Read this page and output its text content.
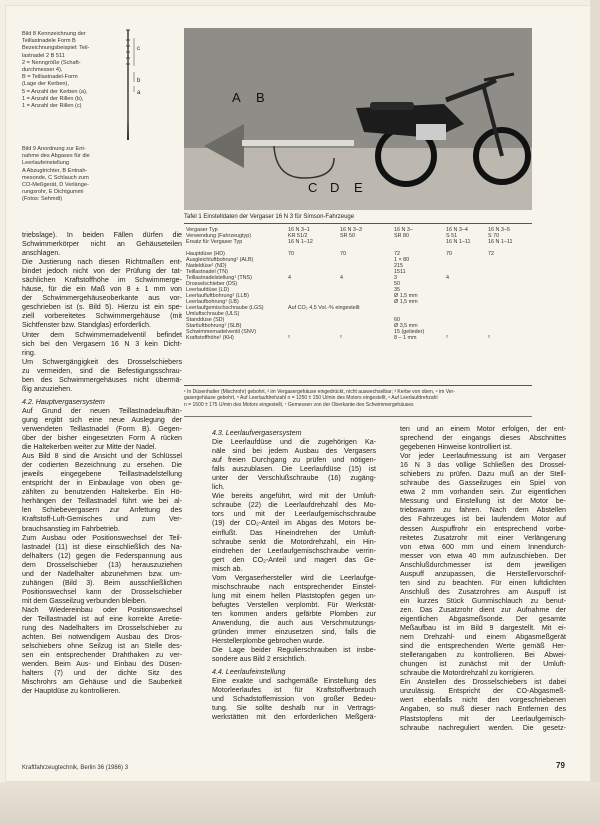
Bild 8 Kennzeichnung der
Teillastnadele Form B
Bezeichnungsbeispiel: Teil-
lastnadel 2 B 511
2 = Nenngröße (Schaft-
durchmesser 4),
B = Teillastnadel-Form
(Lage der Kerben),
5 = Anzahl der Kerben (a),
1 = Anzahl der Rillen (b),
1 = Anzahl der Rillen (c)
Bild 9 Anordnung zur Ent-
nahme des Abgases für die
Leerlaufeinstellung
A Abzugtrichter, B Entnah-
mesonde, C Schlauch zum
CO-Meßgerät, D Verlänge-
rungsrohr, E Dichtgummi
(Fotos: Sehmdt)
c
b
a	A B
C D E
Tafel 1 Einstelldaten der Vergaser 16 N 3 für Simson-Fahrzeuge
Vergaser Typ
Verwendung (Fahrzeugtyp)
Ersatz für Vergaser Typ
Hauptdüse (HD)
Ausgleichluftbohrung¹ (ALB)
Nadeldüse¹ (ND)
Teillastnadel (TN)
Teillastnadelstellung¹ (TNS)
Drosselschieber (DS)
Leerlaufdüse (LD)
Leerlaufluftbohrung¹ (LLB)
Leerlaufbohrung¹ (LB)
Leerlaufgemischschraube (LGS)
Umluftschraube (ULS)
Standdüse (SD)
Startluftbohrung¹ (SLB)
Schwimmernadelventil (SNV)
Kraftstoffhöhe¹ (KH)
16 N 3–1
KR 51/2
16 N 1–12
70
4
Auf CO₂ 4,5 Vol.-% eingestellt
²
16 N 3–3
SR 50
70
4
²
16 N 3–
SR 80
72
1 × 80
215
1511
3
50
35
Ø 1,5 mm
Ø 1,5 mm
60
Ø 3,5 mm
15 (gelieder)
8 – 1 mm
16 N 3–4
S 51
16 N 1–11
70
4
²
16 N 3–5
S 70
16 N 1–11
72
²
¹ In Düsenhalter (Mischrohr) gebohrt, ² im Vergasergehäuse eingedrückt, nicht auswechselbar; ³ Kerbe von oben, ⁴ im Ver-
gasergehäuse gebohrt, ⁵ Auf Leerlaufdrehzahl n = 1250 ± 150 U/min des Motors eingestellt, ⁶ Auf Leerlaufdrehzahl
n = 1500 ± 175 U/min des Motors eingestellt, ⁷ Gemessen von der Oberkante des Schwimmergehäuses
triebslage). In beiden Fällen dürfen die
Schwimmerkörper nicht an Gehäuseteilen
anschlagen.
Die Justierung nach diesen Richtmaßen ent-
bindet jedoch nicht von der Prüfung der tat-
sächlichen Kraftstoffhöhe im Schwimmerge-
häuse, für die ein Maß von 8 ± 1 mm von
der Schwimmergehäuseoberkante aus vor-
geschrieben ist (s. Bild 5). Hierzu ist ein spe-
ziell vorbereitetes Schwimmergehäuse (mit
Sichtfenster bzw. Standglas) erforderlich.
Unter dem Schwimmernadelventil befindet
sich bei den Vergasern 16 N 3 kein Dicht-
ring.
Um Schwergängigkeit des Drosselschiebers
zu vermeiden, sind die Befestigungsschrau-
ben des Schwimmergehäuses nicht übermä-
ßig anzuziehen.
4.2. Hauptvergasersystem
Auf Grund der neuen Teillastnadelaufhän-
gung ergibt sich eine neue Auslegung der
verwendeten Teillastnadel (Form B). Gegen-
über der bisher eingesetzten Form A rücken
die Haltekerben weiter zur Mitte der Nadel.
Aus Bild 8 sind die Ansicht und der Schlüssel
der codierten Bezeichnung zu ersehen. Die
jeweils eingegebene Teillastnadelstellung
entspricht der in Einbaulage von oben ge-
zählten zu benutzenden Haltekerbe. Ein Hö-
herhängen der Teillastnadel führt wie bei al-
len Schiebevergasern zur Anfettung des
Kraftstoff-Luft-Gemisches und zum Ver-
brauchsanstieg im Fahrbetrieb.
Zum Ausbau oder Positionswechsel der Teil-
lastnadel (11) ist diese einschließlich des Na-
delhalters (12) gegen die Federspannung aus
dem Drosselschieber (13) herauszuziehen
und der Nadelhalter abzunehmen bzw. um-
zuhängen (Bild 3). Beim ausschließlichen
Positionswechsel kann der Drosselschieber
mit dem Gasseilzug verbunden bleiben.
Nach Wiedereinbau oder Positionswechsel
der Teillastnadel ist auf eine korrekte Arretie-
rung des Nadelhalters im Drosselschieber zu
achten. Bei notwendigem Ausbau des Dros-
selschiebers ohne Seilzug ist an Stelle des-
sen ein entsprechender Drahthaken zu ver-
wenden. Beim Aus- und Einbau des Düsen-
halters (7) und der dichte Sitz des
Mischrohrs am Gehäuse und die Sauberkeit
der Hauptdüse zu kontrollieren.
4.3. Leerlaufvergasersystem
Die Leerlaufdüse und die zugehörigen Ka-
näle sind bei jedem Ausbau des Vergasers
auf freien Durchgang zu prüfen und nötigen-
falls auszublasen. Die Leerlaufdüse (15) ist
unter der Verschlußschraube (16) zugäng-
lich.
Wie bereits angeführt, wird mit der Umluft-
schraube (22) die Leerlaufdrehzahl des Mo-
tors und mit der Leerlaufgemischschraube
(19) der CO₂-Anteil im Abgas des Motors be-
einflußt. Das Hineindrehen der Umluft-
schraube senkt die Motordrehzahl, ein Hin-
eindrehen der Leerlaufgemischschraube verrin-
gert den CO₂-Anteil und magert das Ge-
misch ab.
Vom Vergaserhersteller wird die Leerlaufge-
mischschraube nach entsprechender Einstel-
lung mit einem hellen Plaststopfen gegen un-
befugtes Verstellen verplombt. Für Werkstät-
ten kommen anders gefärbte Plomben zur
Anwendung, die auch aus Verschmutzungs-
gründen immer einzusetzen sind, falls die
Herstellerplombe gebrochen wurde.
Die Lage beider Regulierschrauben ist insbe-
sondere aus Bild 2 ersichtlich.
4.4. Leerlaufeinstellung
Eine exakte und sachgemäße Einstellung des
Motorleerlaufes ist für Kraftstoffverbrauch
und Schadstoffemission von großer Bedeu-
tung. Sie sollte deshalb nur in Vertrags-
werkstätten mit den erforderlichen Meßgerä-
ten und an einem Motor erfolgen, der ent-
sprechend der eingangs dieses Abschnittes
gegebenen Hinweise kontrolliert ist.
Vor jeder Leerlaufmessung ist am Vergaser
16 N 3 das völlige Schließen des Drossel-
schiebers zu prüfen. Dazu muß an der Stell-
schraube des Gasseilzuges ein Spiel von
etwa 2 mm vorhanden sein. Zur eigentlichen
Messung und Einstellung ist der Motor be-
triebswarm zu fahren. Nach dem Abstellen
des Fahrzeuges ist bei laufendem Motor auf
dessen Auspuffrohr ein entsprechend vorbe-
reitetes Zusatzrohr mit einer Verlängerung
von etwa 600 mm und einem Innendurch-
messer von etwa 40 mm aufzuschieben. Der
Anschlußdurchmesser ist dem jeweiligen
Auspuff anzupassen, die Herstellervorschrif-
ten sind zu beachten. Für einen luftdichten
Anschluß des Zusatzrohres am Auspuff ist
ein kurzes Stück Gummischlauch zu benut-
zen. Das Zusatzrohr dient zur Aufnahme der
eigentlichen Abgasmeßsonde. Der gesamte
Meßaufbau ist im Bild 9 dargestellt. Mit ei-
nem Drehzahl- und einem Abgasmeßgerät
sind die entsprechenden Werte gemäß Her-
stellerangaben zu kontrollieren. Bei Abwei-
chungen ist zunächst mit der Umluft-
schraube die Motordrehzahl zu korrigieren.
Ein Anstellen des Drosselschiebers ist dabei
unzulässig. Entspricht der CO-Abgasmeß-
wert ebenfalls nicht den vorgeschriebenen
Angaben, so muß dieser nach Entfernen des
Plaststopfens mit der Leerlaufgemisch-
schraube nachreguliert werden. Die gesetz-
Kraftfahrzeugtechnik, Berlin 36 (1986) 3	79
